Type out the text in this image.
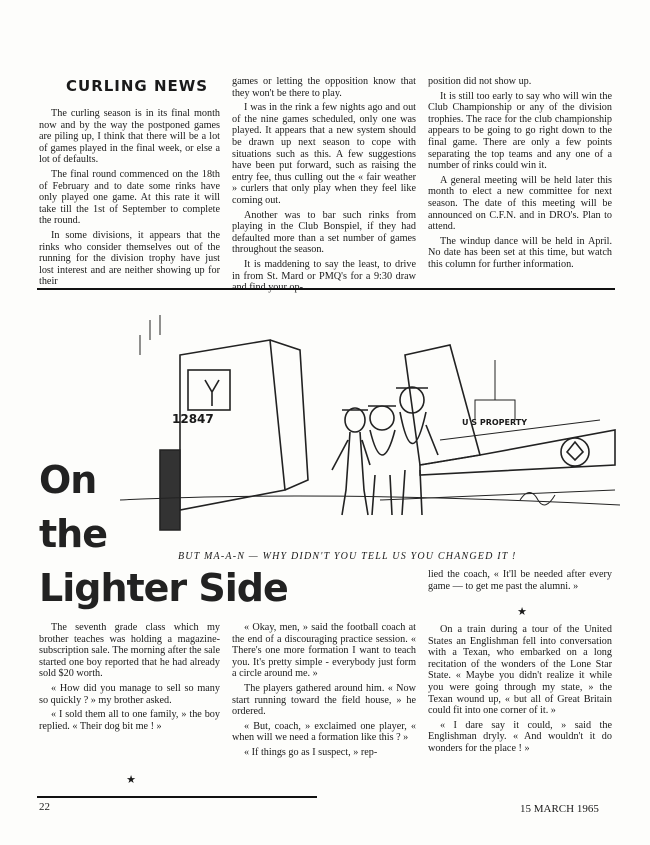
CURLING NEWS

The curling season is in its final month now and by the way the postponed games are piling up, I think that there will be a lot of games played in the final week, or else a lot of defaults.

The final round commenced on the 18th of February and to date some rinks have only played one game. At this rate it will take till the 1st of September to complete the round.

In some divisions, it appears that the rinks who consider themselves out of the running for the division trophy have just lost interest and are neither showing up for their

games or letting the opposition know that they won't be there to play.

I was in the rink a few nights ago and out of the nine games scheduled, only one was played. It appears that a new system should be drawn up next season to cope with situations such as this. A few suggestions have been put forward, such as raising the entry fee, thus culling out the « fair weather » curlers that only play when they feel like coming out.

Another was to bar such rinks from playing in the Club Bonspiel, if they had defaulted more than a set number of games throughout the season.

It is maddening to say the least, to drive in from St. Mard or PMQ's for a 9:30 draw

position did not show up.

It is still too early to say who will win the Club Championship or any of the division trophies. The race for the club championship appears to be going to go right down to the final game. There are only a few points separating the top teams and any one of a number of rinks could win it.

A general meeting will be held later this month to elect a new committee for next season. The date of this meeting will be announced on C.F.N. and in DRO's. Plan to attend.

The windup dance will be held in April. No date has been set at this time, but watch this column for further information.

12847	U S PROPERTY
BUT MA-A-N — WHY DIDN'T YOU TELL US YOU CHANGED IT !
On
the
Lighter Side	lied the coach, « It'll be needed after every game — to get me past the alumni. »

★

The seventh grade class which my brother teaches was holding a magazine-subscription sale. The morning after the sale started one boy reported that he had already sold $20 worth.

« How did you manage to sell so many so quickly ? » my brother asked.

« I sold them all to one family, » the boy replied. « Their dog bit me ! »

★

« Okay, men, » said the football coach at the end of a discouraging practice session. « There's one more formation I want to teach you. It's pretty simple - everybody just form a circle around me. »

The players gathered around him. « Now start running toward the field house, » he ordered.

« But, coach, » exclaimed one player, « when will we need a formation like this ? »

« If things go as I suspect, » rep-

On a train during a tour of the United States an Englishman fell into conversation with a Texan, who embarked on a long recitation of the wonders of the Lone Star State. « Maybe you didn't realize it while you were going through my state, » the Texan wound up, « but all of Great Britain could fit into one corner of it. »

« I dare say it could, » said the Englishman dryly. « And wouldn't it do wonders for the place ! »

22	15 MARCH 1965
